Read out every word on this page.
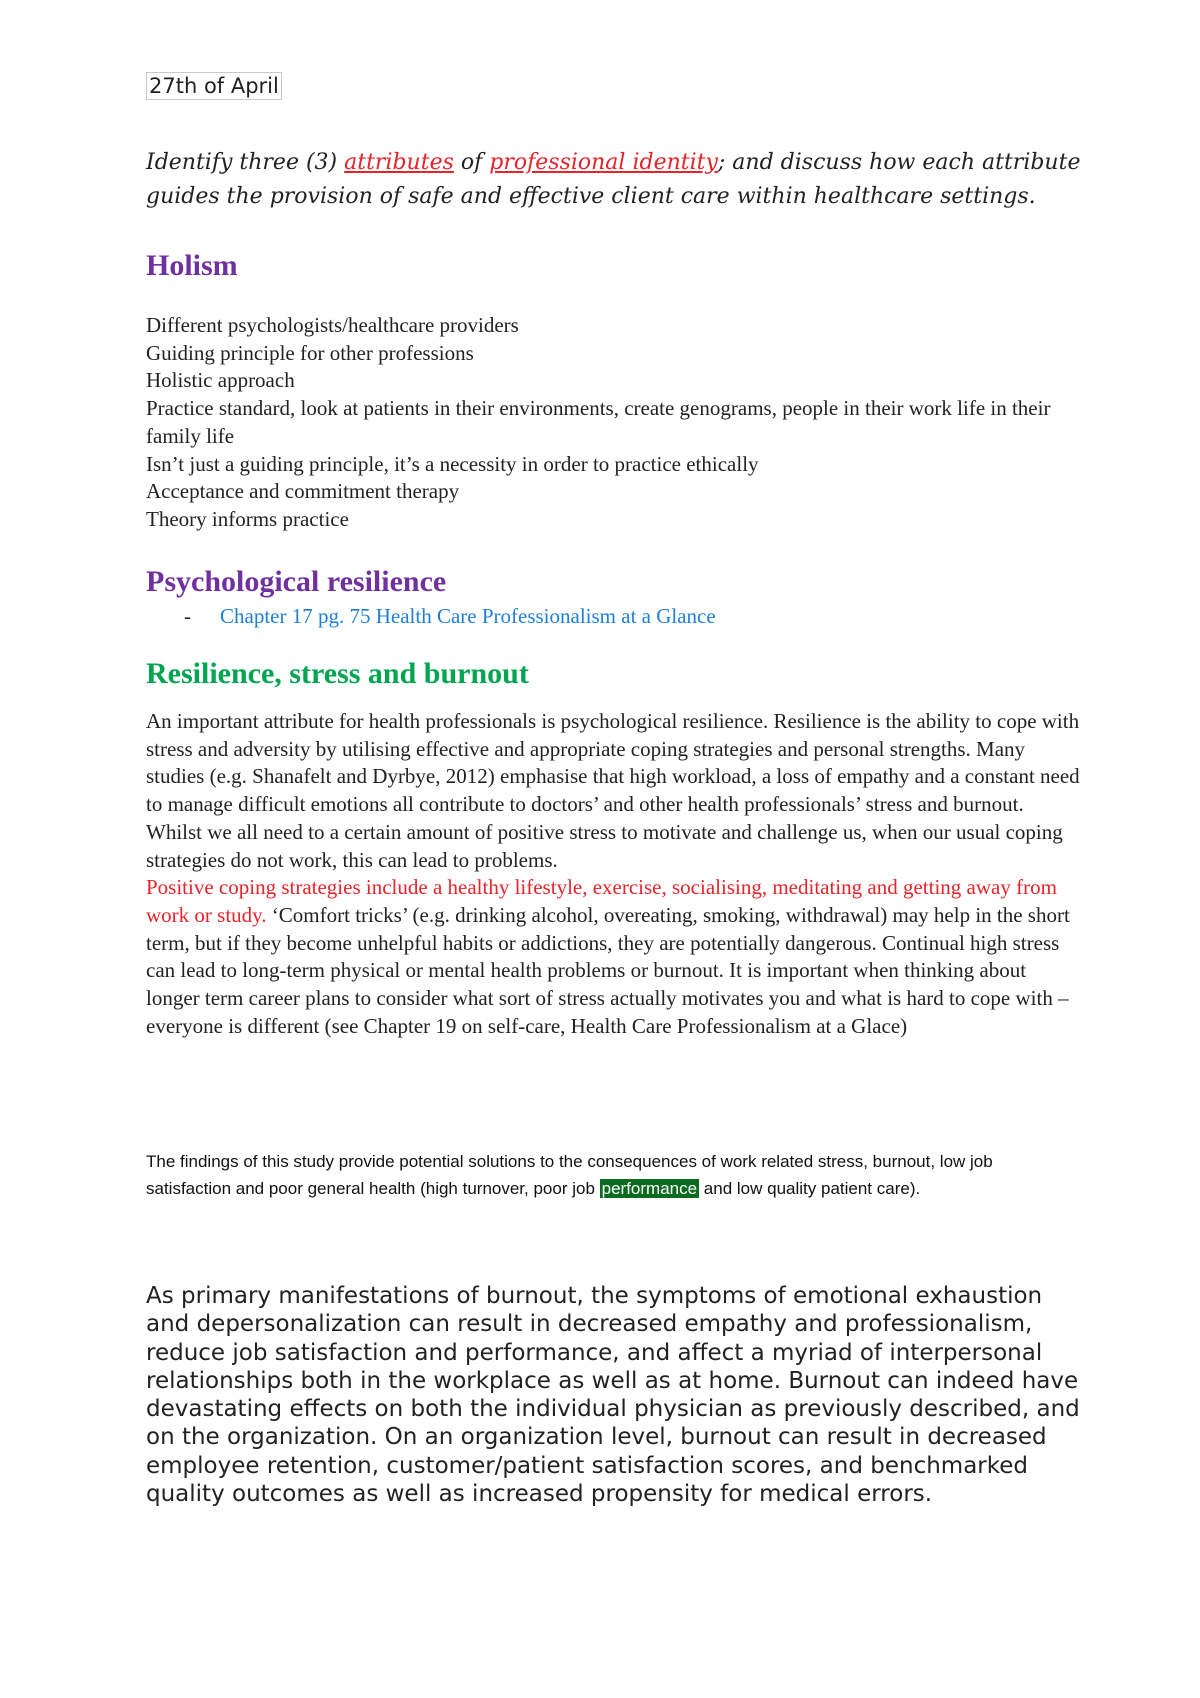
27th of April

Identify three (3) attributes of professional identity; and discuss how each attribute guides the provision of safe and effective client care within healthcare settings.

Holism
Different psychologists/healthcare providers
Guiding principle for other professions
Holistic approach
Practice standard, look at patients in their environments, create genograms, people in their work life in their family life
Isn’t just a guiding principle, it’s a necessity in order to practice ethically
Acceptance and commitment therapy
Theory informs practice
Psychological resilience
- Chapter 17 pg. 75 Health Care Professionalism at a Glance
Resilience, stress and burnout

An important attribute for health professionals is psychological resilience. Resilience is the ability to cope with stress and adversity by utilising effective and appropriate coping strategies and personal strengths. Many studies (e.g. Shanafelt and Dyrbye, 2012) emphasise that high workload, a loss of empathy and a constant need to manage difficult emotions all contribute to doctors’ and other health professionals’ stress and burnout. Whilst we all need to a certain amount of positive stress to motivate and challenge us, when our usual coping strategies do not work, this can lead to problems.
Positive coping strategies include a healthy lifestyle, exercise, socialising, meditating and getting away from work or study. ‘Comfort tricks’ (e.g. drinking alcohol, overeating, smoking, withdrawal) may help in the short term, but if they become unhelpful habits or addictions, they are potentially dangerous. Continual high stress can lead to long-term physical or mental health problems or burnout. It is important when thinking about longer term career plans to consider what sort of stress actually motivates you and what is hard to cope with – everyone is different (see Chapter 19 on self-care, Health Care Professionalism at a Glace)

The findings of this study provide potential solutions to the consequences of work related stress, burnout, low job satisfaction and poor general health (high turnover, poor job performance and low quality patient care).

As primary manifestations of burnout, the symptoms of emotional exhaustion and depersonalization can result in decreased empathy and professionalism, reduce job satisfaction and performance, and affect a myriad of interpersonal relationships both in the workplace as well as at home. Burnout can indeed have devastating effects on both the individual physician as previously described, and on the organization. On an organization level, burnout can result in decreased employee retention, customer/patient satisfaction scores, and benchmarked quality outcomes as well as increased propensity for medical errors.
